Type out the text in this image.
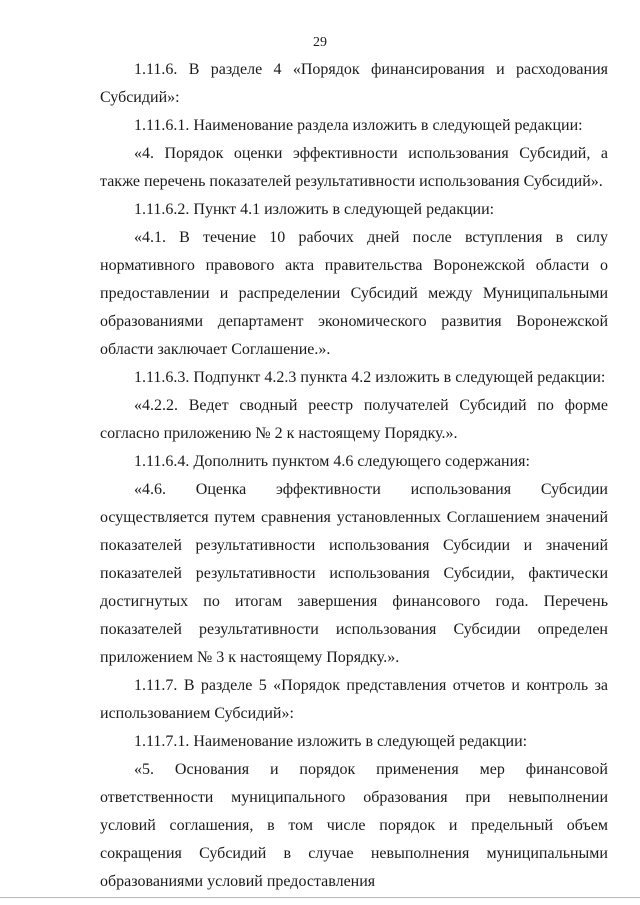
29

1.11.6. В разделе 4 «Порядок финансирования и расходования Субсидий»:

1.11.6.1. Наименование раздела изложить в следующей редакции:

«4. Порядок оценки эффективности использования Субсидий, а также перечень показателей результативности использования Субсидий».

1.11.6.2. Пункт 4.1 изложить в следующей редакции:

«4.1. В течение 10 рабочих дней после вступления в силу нормативного правового акта правительства Воронежской области о предоставлении и распределении Субсидий между Муниципальными образованиями департамент экономического развития Воронежской области заключает Соглашение.».

1.11.6.3. Подпункт 4.2.3 пункта 4.2 изложить в следующей редакции:

«4.2.2. Ведет сводный реестр получателей Субсидий по форме согласно приложению № 2 к настоящему Порядку.».

1.11.6.4. Дополнить пунктом 4.6 следующего содержания:

«4.6. Оценка эффективности использования Субсидии осуществляется путем сравнения установленных Соглашением значений показателей результативности использования Субсидии и значений показателей результативности использования Субсидии, фактически достигнутых по итогам завершения финансового года. Перечень показателей результативности использования Субсидии определен приложением № 3 к настоящему Порядку.».

1.11.7. В разделе 5 «Порядок представления отчетов и контроль за использованием Субсидий»:

1.11.7.1. Наименование изложить в следующей редакции:

«5. Основания и порядок применения мер финансовой ответственности муниципального образования при невыполнении условий соглашения, в том числе порядок и предельный объем сокращения Субсидий в случае невыполнения муниципальными образованиями условий предоставления
